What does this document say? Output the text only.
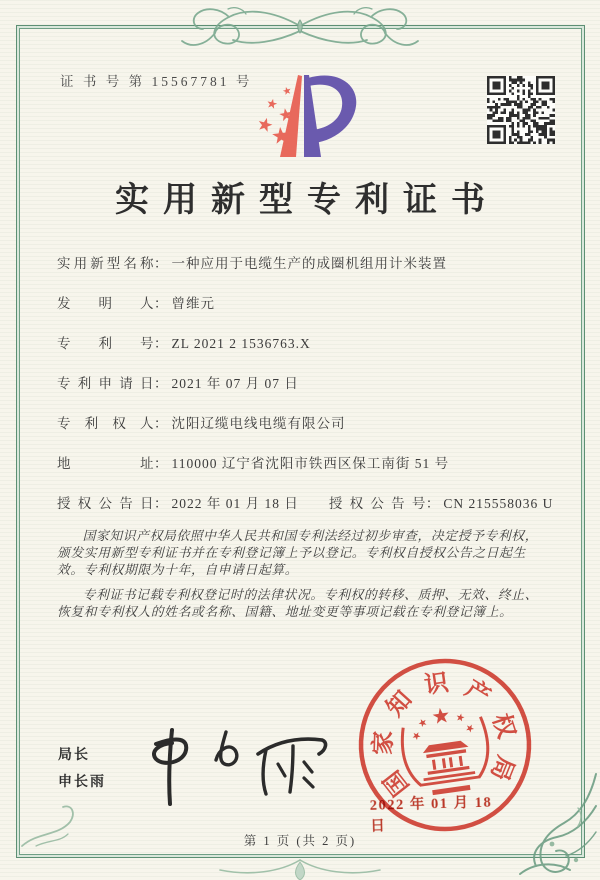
证 书 号 第 15567781 号
实用新型专利证书
实用新型名称： 一种应用于电缆生产的成圈机组用计米装置
发明人： 曾维元
专利号： ZL 2021 2 1536763.X
专利申请日： 2021 年 07 月 07 日
专利权人： 沈阳辽缆电线电缆有限公司
地址： 110000 辽宁省沈阳市铁西区保工南街 51 号
授权公告日： 2022 年 01 月 18 日 授权公告号： CN 215558036 U

国家知识产权局依照中华人民共和国专利法经过初步审查，决定授予专利权，颁发实用新型专利证书并在专利登记簿上予以登记。专利权自授权公告之日起生效。专利权期限为十年，自申请日起算。

专利证书记载专利权登记时的法律状况。专利权的转移、质押、无效、终止、恢复和专利权人的姓名或名称、国籍、地址变更等事项记载在专利登记簿上。

局长
申长雨	国
家
知
识 产
权
局
2022 年 01 月 18 日
第 1 页 (共 2 页)
